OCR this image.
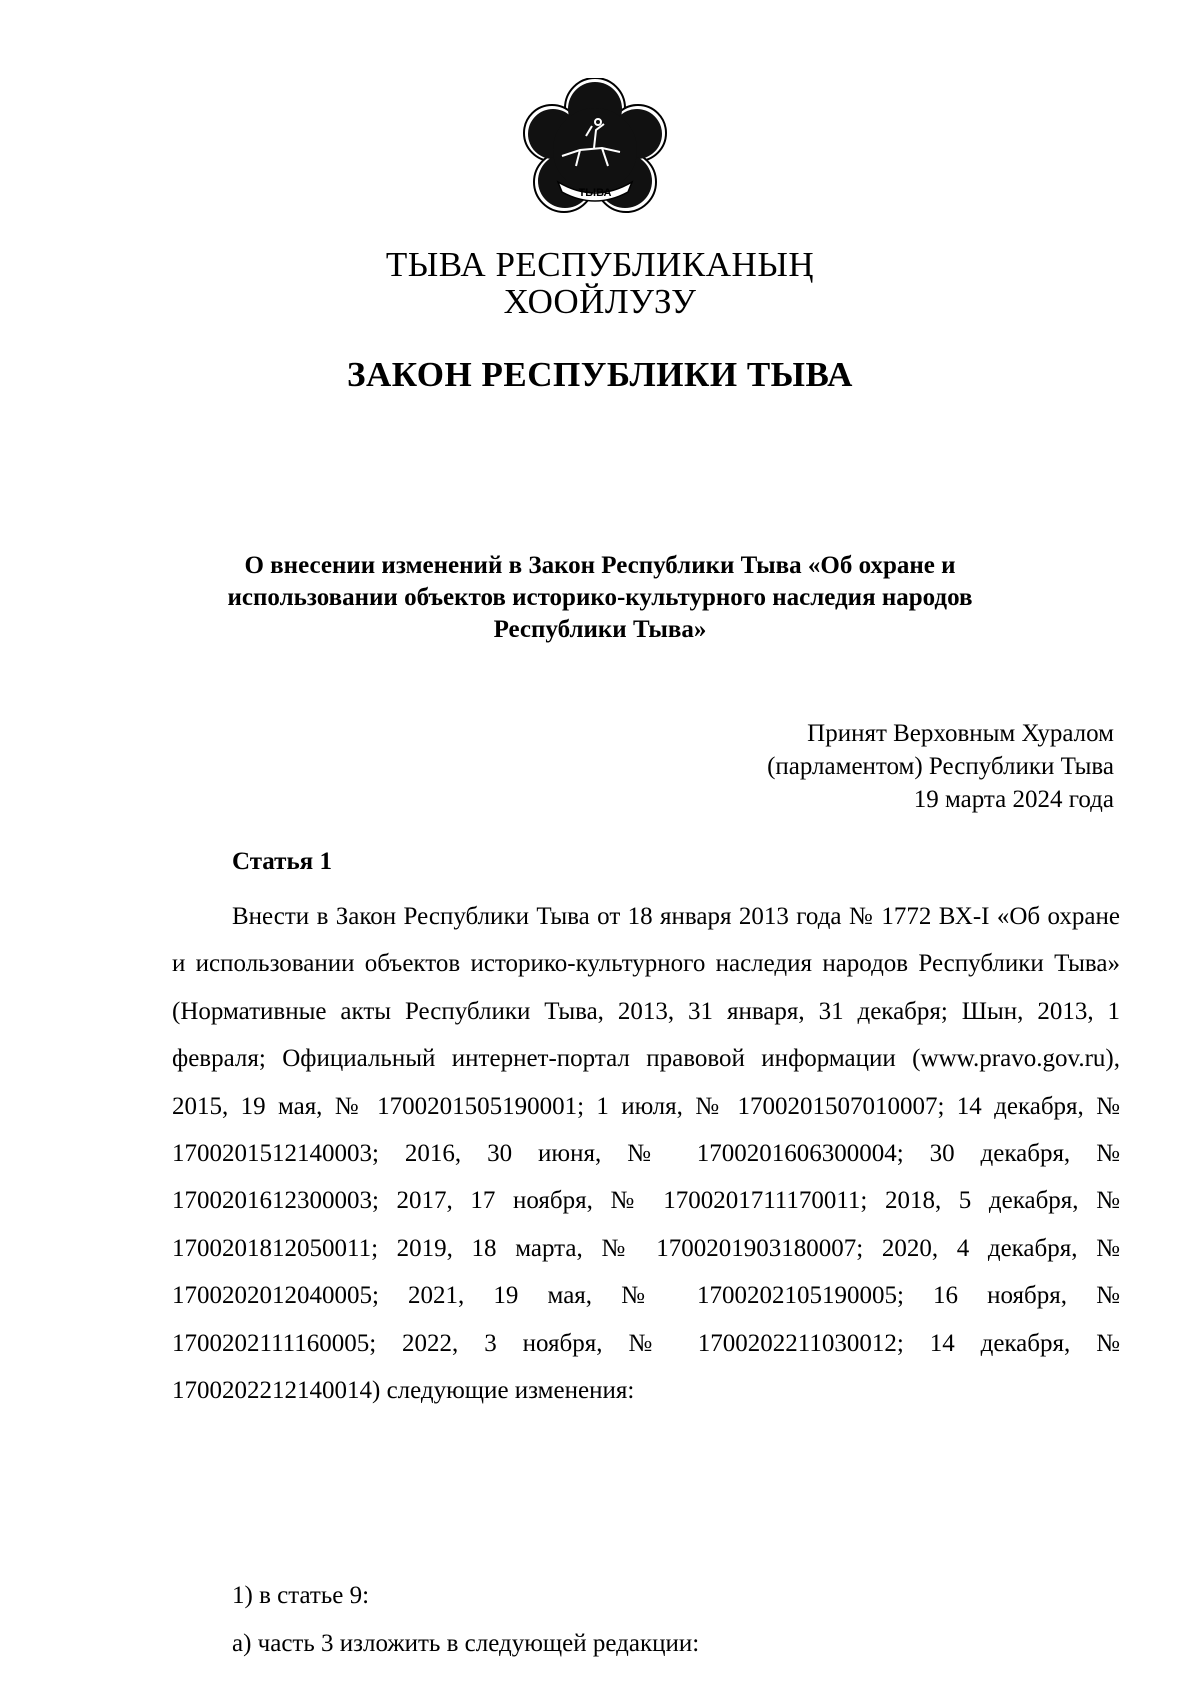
ТЫВА
ТЫВА РЕСПУБЛИКАНЫҢ
ХООЙЛУЗУ
ЗАКОН РЕСПУБЛИКИ ТЫВА
О внесении изменений в Закон Республики Тыва «Об охране и использовании объектов историко-культурного наследия народов Республики Тыва»
Принят Верховным Хуралом
(парламентом) Республики Тыва
19 марта 2024 года
Статья 1

Внести в Закон Республики Тыва от 18 января 2013 года № 1772 ВХ-I «Об охране и использовании объектов историко-культурного наследия народов Республики Тыва» (Нормативные акты Республики Тыва, 2013, 31 января, 31 декабря; Шын, 2013, 1 февраля; Официальный интернет-портал правовой информации (www.pravo.gov.ru), 2015, 19 мая, № 1700201505190001; 1 июля, № 1700201507010007; 14 декабря, № 1700201512140003; 2016, 30 июня, № 1700201606300004; 30 декабря, № 1700201612300003; 2017, 17 ноября, № 1700201711170011; 2018, 5 декабря, № 1700201812050011; 2019, 18 марта, № 1700201903180007; 2020, 4 декабря, № 1700202012040005; 2021, 19 мая, № 1700202105190005; 16 ноября, № 1700202111160005; 2022, 3 ноября, № 1700202211030012; 14 декабря, № 1700202212140014) следующие изменения:

1) в статье 9:
а) часть 3 изложить в следующей редакции:
